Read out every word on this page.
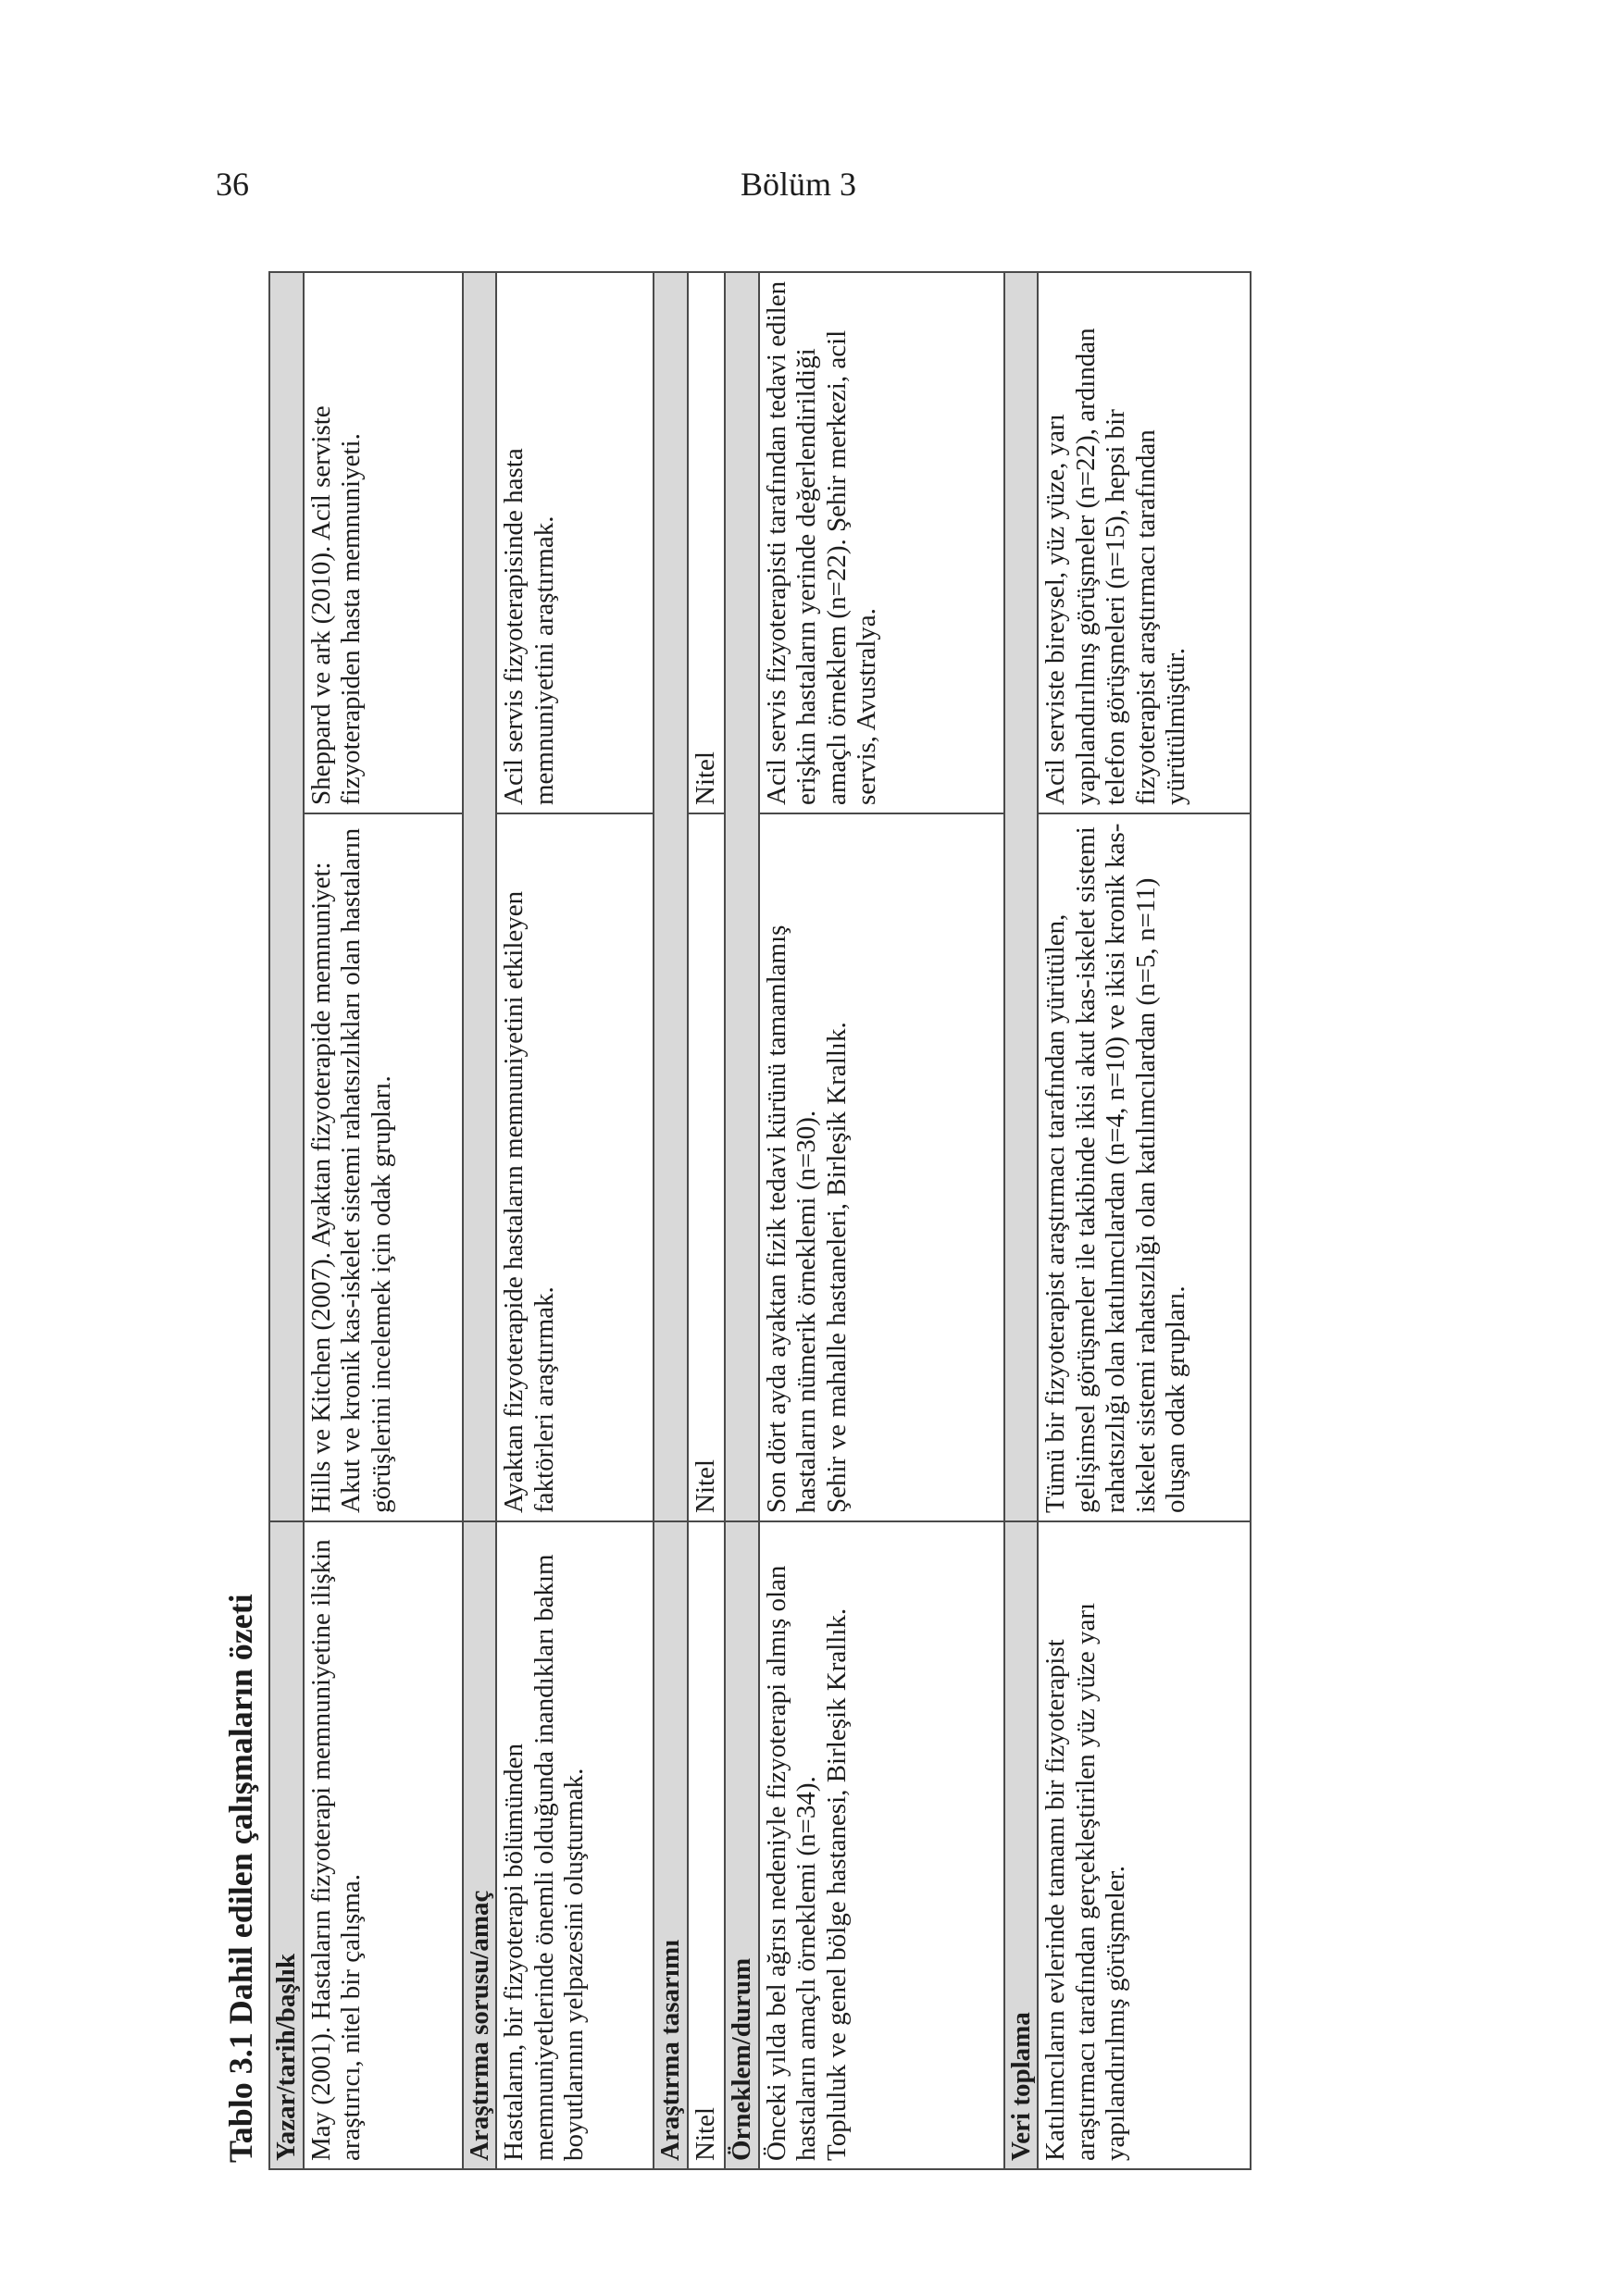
36	Bölüm 3
Tablo 3.1 Dahil edilen çalışmaların özeti Yazar/tarih/başlık		
May (2001). Hastaların fizyoterapi memnuniyetine ilişkin araştırıcı, nitel bir çalışma.	Hills ve Kitchen (2007). Ayaktan fizyoterapide memnuniyet: Akut ve kronik kas-iskelet sistemi rahatsızlıkları olan hastaların görüşlerini incelemek için odak grupları.	Sheppard ve ark (2010). Acil serviste fizyoterapiden hasta memnuniyeti.
Araştırma sorusu/amaç		
Hastaların, bir fizyoterapi bölümünden memnuniyetlerinde önemli olduğunda inandıkları bakım boyutlarının yelpazesini oluşturmak.	Ayaktan fizyoterapide hastaların memnuniyetini etkileyen faktörleri araştırmak.	Acil servis fizyoterapisinde hasta memnuniyetini araştırmak.
Araştırma tasarımı		
Nitel	Nitel	Nitel
Örneklem/durum		

Önceki yılda bel ağrısı nedeniyle fizyoterapi almış olan hastaların amaçlı örneklemi (n=34). Topluluk ve genel bölge hastanesi, Birleşik Krallık.	Son dört ayda ayaktan fizik tedavi kürünü tamamlamış hastaların nümerik örneklemi (n=30). Şehir ve mahalle hastaneleri, Birleşik Krallık.	Acil servis fizyoterapisti tarafından tedavi edilen erişkin hastaların yerinde değerlendirildiği amaçlı örneklem (n=22). Şehir merkezi, acil servis, Avustralya.

Veri toplama		
Katılımcıların evlerinde tamamı bir fizyoterapist araştırmacı tarafından gerçekleştirilen yüz yüze yarı yapılandırılmış görüşmeler.	Tümü bir fizyoterapist araştırmacı tarafından yürütülen, gelişimsel görüşmeler ile takibinde ikisi akut kas-iskelet sistemi rahatsızlığı olan katılımcılardan (n=4, n=10) ve ikisi kronik kas-iskelet sistemi rahatsızlığı olan katılımcılardan (n=5, n=11) oluşan odak grupları.	Acil serviste bireysel, yüz yüze, yarı yapılandırılmış görüşmeler (n=22), ardından telefon görüşmeleri (n=15), hepsi bir fizyoterapist araştırmacı tarafından yürütülmüştür.
